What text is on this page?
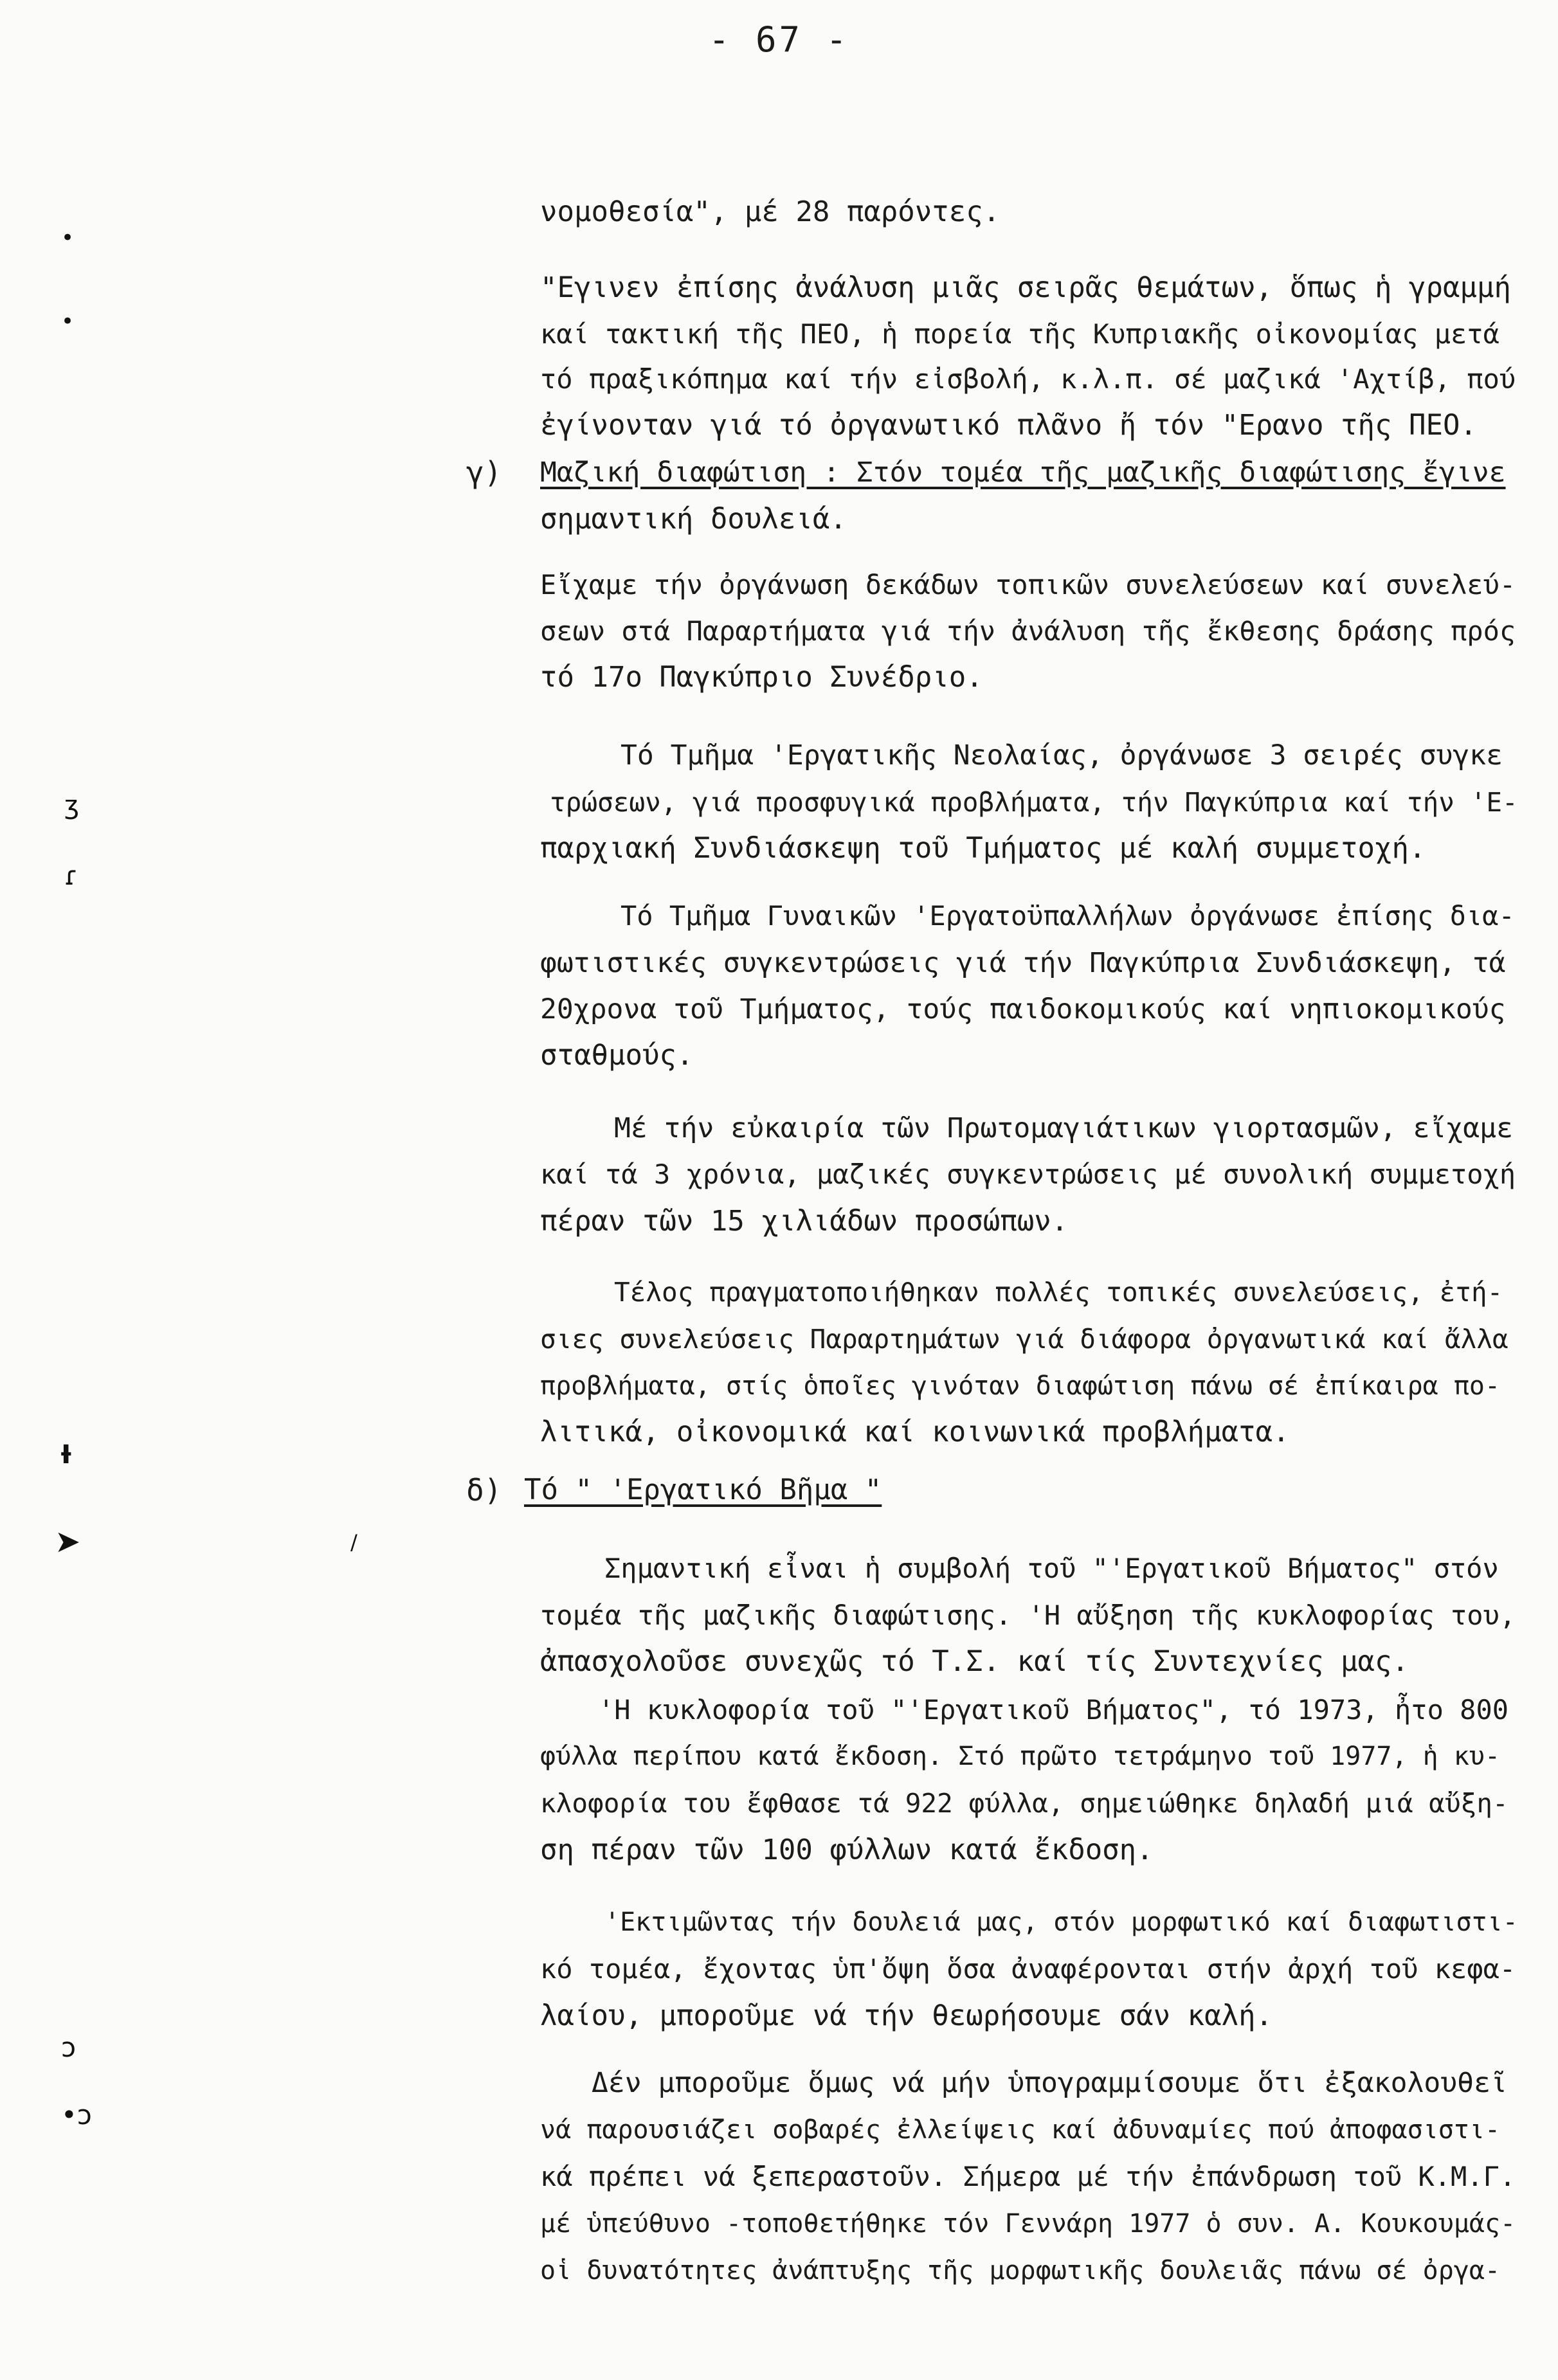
- 67 -
•
•
ʒ
ɾ
Ɨ
➤	/
ↄ
•ↄ
γ)
δ)
νομοθεσία", μέ 28 παρόντες.
"Εγινεν ἐπίσης ἀνάλυση μιᾶς σειρᾶς θεμάτων, ὅπως ἡ γραμμή
καί τακτική τῆς ΠΕΟ, ἡ πορεία τῆς Κυπριακῆς οἰκονομίας μετά
τό πραξικόπημα καί τήν εἰσβολή, κ.λ.π. σέ μαζικά 'Αχτίβ, πού
ἐγίνονταν γιά τό ὀργανωτικό πλᾶνο ἤ τόν "Eρανο τῆς ΠΕΟ.
Μαζική διαφώτιση : Στόν τομέα τῆς μαζικῆς διαφώτισης ἔγινε
σημαντική δουλειά.
Εἴχαμε τήν ὀργάνωση δεκάδων τοπικῶν συνελεύσεων καί συνελεύ-
σεων στά Παραρτήματα γιά τήν ἀνάλυση τῆς ἔκθεσης δράσης πρός
τό 17ο Παγκύπριο Συνέδριο.
Τό Τμῆμα 'Εργατικῆς Νεολαίας, ὀργάνωσε 3 σειρές συγκε
τρώσεων, γιά προσφυγικά προβλήματα, τήν Παγκύπρια καί τήν 'Ε-
παρχιακή Συνδιάσκεψη τοῦ Τμήματος μέ καλή συμμετοχή.
Τό Τμῆμα Γυναικῶν 'Εργατοϋπαλλήλων ὀργάνωσε ἐπίσης δια-
φωτιστικές συγκεντρώσεις γιά τήν Παγκύπρια Συνδιάσκεψη, τά
20χρονα τοῦ Τμήματος, τούς παιδοκομικούς καί νηπιοκομικούς
σταθμούς.
Μέ τήν εὐκαιρία τῶν Πρωτομαγιάτικων γιορτασμῶν, εἴχαμε
καί τά 3 χρόνια, μαζικές συγκεντρώσεις μέ συνολική συμμετοχή
πέραν τῶν 15 χιλιάδων προσώπων.
Τέλος πραγματοποιήθηκαν πολλές τοπικές συνελεύσεις, ἐτή-
σιες συνελεύσεις Παραρτημάτων γιά διάφορα ὀργανωτικά καί ἄλλα
προβλήματα, στίς ὁποῖες γινόταν διαφώτιση πάνω σέ ἐπίκαιρα πο-
λιτικά, οἰκονομικά καί κοινωνικά προβλήματα.
Τό " 'Εργατικό Βῆμα "
Σημαντική εἶναι ἡ συμβολή τοῦ "'Εργατικοῦ Βήματος" στόν
τομέα τῆς μαζικῆς διαφώτισης. 'Η αὔξηση τῆς κυκλοφορίας του,
ἀπασχολοῦσε συνεχῶς τό Τ.Σ. καί τίς Συντεχνίες μας.
'Η κυκλοφορία τοῦ "'Εργατικοῦ Βήματος", τό 1973, ἦτο 800
φύλλα περίπου κατά ἔκδοση. Στό πρῶτο τετράμηνο τοῦ 1977, ἡ κυ-
κλοφορία του ἔφθασε τά 922 φύλλα, σημειώθηκε δηλαδή μιά αὔξη-
ση πέραν τῶν 100 φύλλων κατά ἔκδοση.
'Εκτιμῶντας τήν δουλειά μας, στόν μορφωτικό καί διαφωτιστι-
κό τομέα, ἔχοντας ὑπ'ὄψη ὅσα ἀναφέρονται στήν ἀρχή τοῦ κεφα-
λαίου, μποροῦμε νά τήν θεωρήσουμε σάν καλή.
Δέν μποροῦμε ὅμως νά μήν ὑπογραμμίσουμε ὅτι ἐξακολουθεῖ
νά παρουσιάζει σοβαρές ἐλλείψεις καί ἀδυναμίες πού ἀποφασιστι-
κά πρέπει νά ξεπεραστοῦν. Σήμερα μέ τήν ἐπάνδρωση τοῦ Κ.Μ.Γ.
μέ ὑπεύθυνο -τοποθετήθηκε τόν Γεννάρη 1977 ὁ συν. Α. Κουκουμάς-
οἱ δυνατότητες ἀνάπτυξης τῆς μορφωτικῆς δουλειᾶς πάνω σέ ὀργα-
